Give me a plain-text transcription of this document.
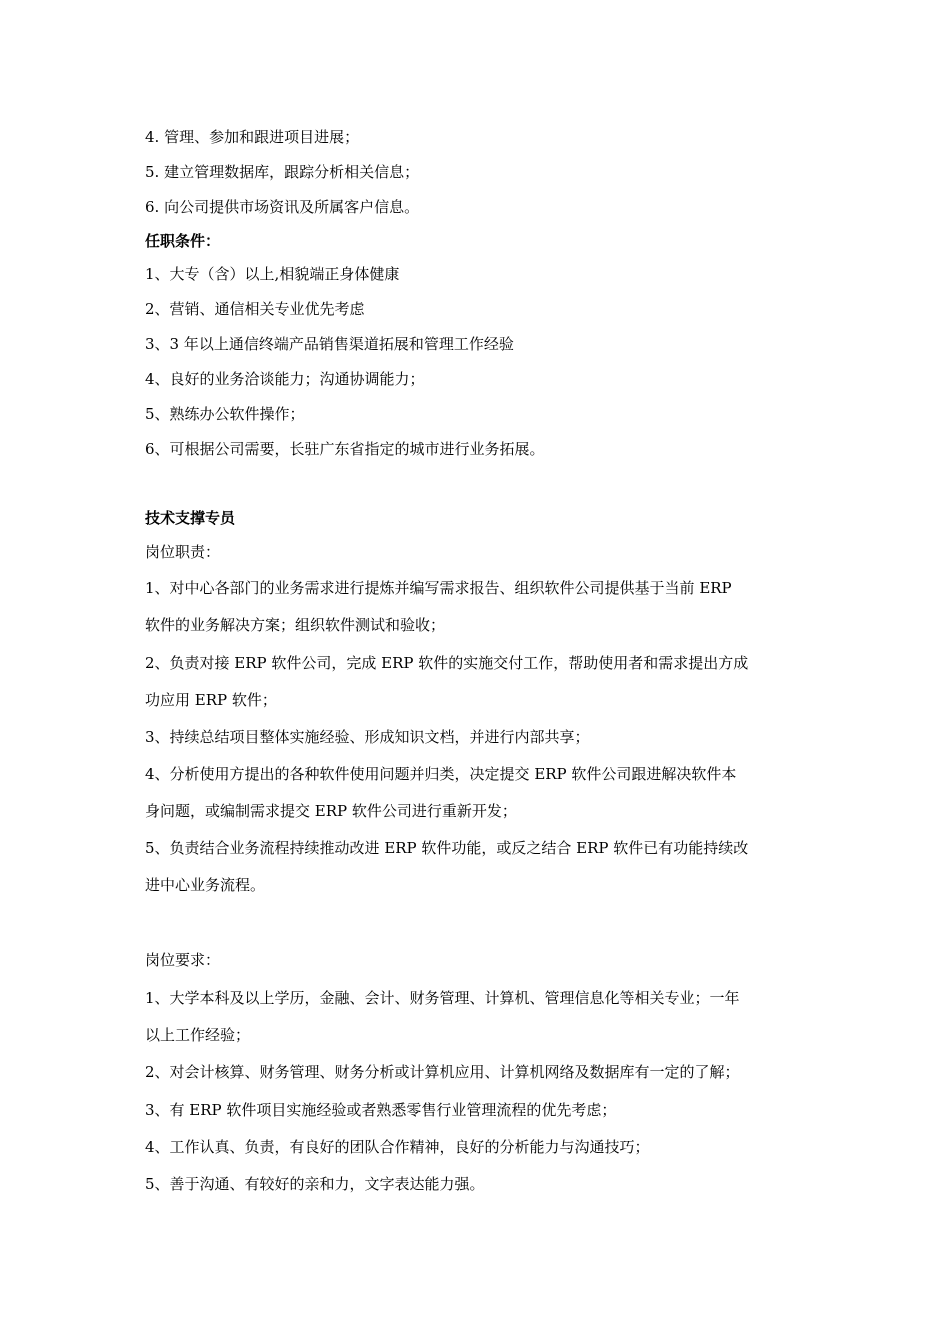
4. 管理、参加和跟进项目进展；
5. 建立管理数据库，跟踪分析相关信息；
6. 向公司提供市场资讯及所属客户信息。
任职条件：
1、大专（含）以上,相貌端正身体健康
2、营销、通信相关专业优先考虑
3、3 年以上通信终端产品销售渠道拓展和管理工作经验
4、良好的业务洽谈能力；沟通协调能力；
5、熟练办公软件操作；
6、可根据公司需要，长驻广东省指定的城市进行业务拓展。
技术支撑专员
岗位职责：
1、对中心各部门的业务需求进行提炼并编写需求报告、组织软件公司提供基于当前 ERP
软件的业务解决方案；组织软件测试和验收；
2、负责对接 ERP 软件公司，完成 ERP 软件的实施交付工作，帮助使用者和需求提出方成
功应用 ERP 软件；
3、持续总结项目整体实施经验、形成知识文档，并进行内部共享；
4、分析使用方提出的各种软件使用问题并归类，决定提交 ERP 软件公司跟进解决软件本
身问题，或编制需求提交 ERP 软件公司进行重新开发；
5、负责结合业务流程持续推动改进 ERP 软件功能，或反之结合 ERP 软件已有功能持续改
进中心业务流程。
岗位要求：
1、大学本科及以上学历，金融、会计、财务管理、计算机、管理信息化等相关专业；一年
以上工作经验；
2、对会计核算、财务管理、财务分析或计算机应用、计算机网络及数据库有一定的了解；
3、有 ERP 软件项目实施经验或者熟悉零售行业管理流程的优先考虑；
4、工作认真、负责，有良好的团队合作精神，良好的分析能力与沟通技巧；
5、善于沟通、有较好的亲和力，文字表达能力强。
